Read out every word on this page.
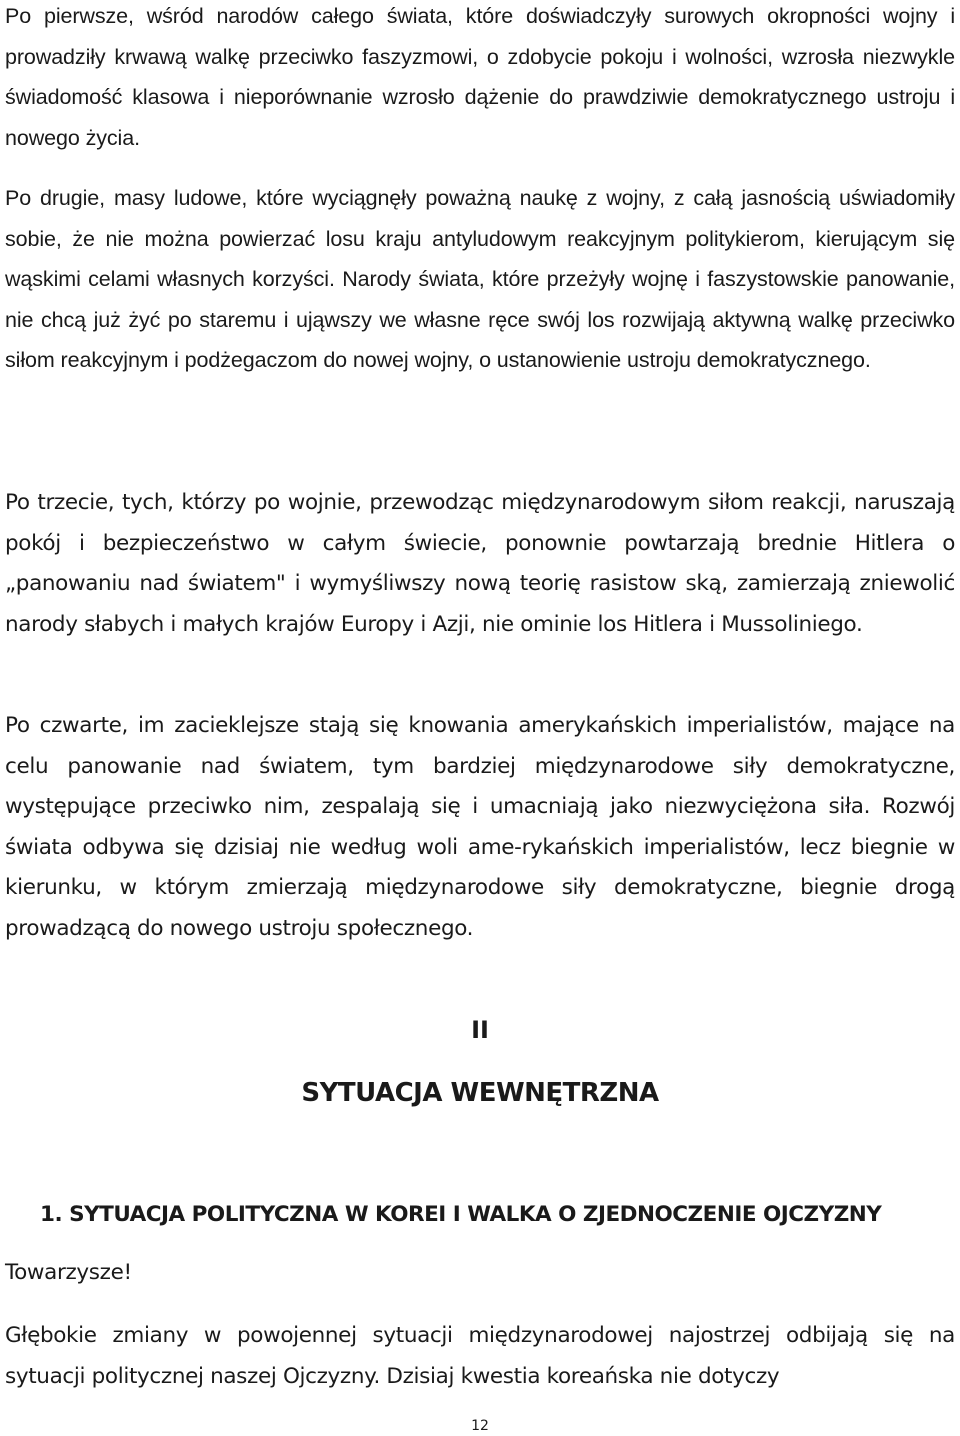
Po pierwsze, wśród narodów całego świata, które doświadczyły surowych okropności wojny i prowadziły krwawą walkę przeciwko faszyzmowi, o zdobycie pokoju i wolności, wzrosła niezwykle świadomość klasowa i nieporównanie wzrosło dążenie do prawdziwie demokratycznego ustroju i nowego życia.

Po drugie, masy ludowe, które wyciągnęły poważną naukę z wojny, z całą jasnością uświadomiły sobie, że nie można powierzać losu kraju antyludowym reakcyjnym politykierom, kierującym się wąskimi celami własnych korzyści. Narody świata, które przeżyły wojnę i faszystowskie panowanie, nie chcą już żyć po staremu i ująwszy we własne ręce swój los rozwijają aktywną walkę przeciwko siłom reakcyjnym i podżegaczom do nowej wojny, o ustanowienie ustroju demokratycznego.

Po trzecie, tych, którzy po wojnie, przewodząc międzynarodowym siłom reakcji, naruszają pokój i bezpieczeństwo w całym świecie, ponownie powtarzają brednie Hitlera o „panowaniu nad światem" i wymyśliwszy nową teorię rasistow ską, zamierzają zniewolić narody słabych i małych krajów Europy i Azji, nie ominie los Hitlera i Mussoliniego.

Po czwarte, im zacieklejsze stają się knowania amerykańskich imperialistów, mające na celu panowanie nad światem, tym bardziej międzynarodowe siły demokratyczne, występujące przeciwko nim, zespalają się i umacniają jako niezwyciężona siła. Rozwój świata odbywa się dzisiaj nie według woli ame-rykańskich imperialistów, lecz biegnie w kierunku, w którym zmierzają międzynarodowe siły demokratyczne, biegnie drogą prowadzącą do nowego ustroju społecznego.

II
SYTUACJA WEWNĘTRZNA
1. SYTUACJA POLITYCZNA W KOREI I WALKA O ZJEDNOCZENIE OJCZYZNY
Towarzysze!

Głębokie zmiany w powojennej sytuacji międzynarodowej najostrzej odbijają się na sytuacji politycznej naszej Ojczyzny. Dzisiaj kwestia koreańska nie dotyczy

12
